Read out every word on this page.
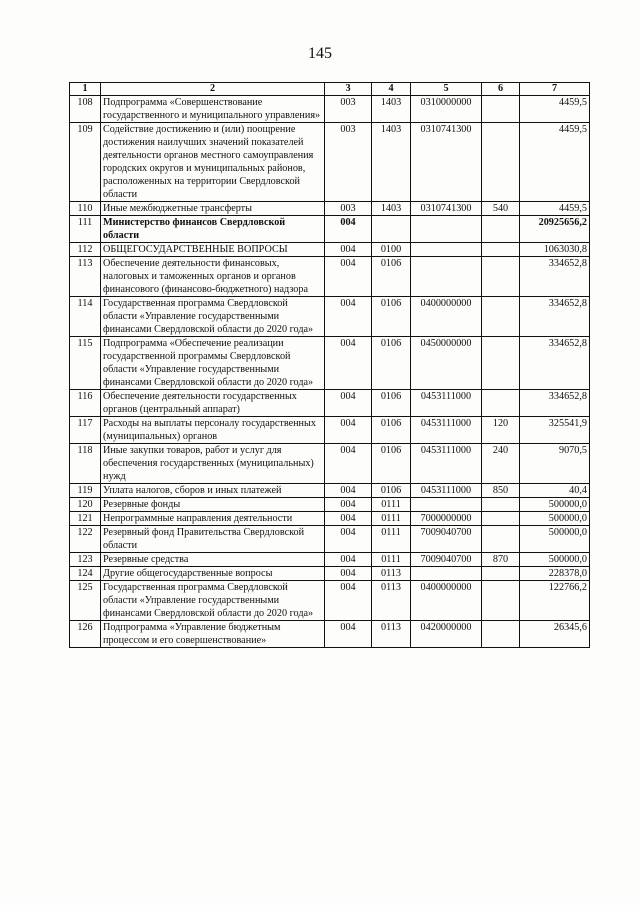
145
1	2	3	4	5	6	7
108	Подпрограмма «Совершенствование государственного и муниципального управления»	003	1403	0310000000		4459,5
109	Содействие достижению и (или) поощрение достижения наилучших значений показателей деятельности органов местного самоуправления городских округов и муниципальных районов, расположенных на территории Свердловской области	003	1403	0310741300		4459,5
110	Иные межбюджетные трансферты	003	1403	0310741300	540	4459,5
111	Министерство финансов Свердловской области	004				20925656,2
112	ОБЩЕГОСУДАРСТВЕННЫЕ ВОПРОСЫ	004	0100			1063030,8
113	Обеспечение деятельности финансовых, налоговых и таможенных органов и органов финансового (финансово-бюджетного) надзора	004	0106			334652,8
114	Государственная программа Свердловской области «Управление государственными финансами Свердловской области до 2020 года»	004	0106	0400000000		334652,8
115	Подпрограмма «Обеспечение реализации государственной программы Свердловской области «Управление государственными финансами Свердловской области до 2020 года»	004	0106	0450000000		334652,8
116	Обеспечение деятельности государственных органов (центральный аппарат)	004	0106	0453111000		334652,8
117	Расходы на выплаты персоналу государственных (муниципальных) органов	004	0106	0453111000	120	325541,9
118	Иные закупки товаров, работ и услуг для обеспечения государственных (муниципальных) нужд	004	0106	0453111000	240	9070,5
119	Уплата налогов, сборов и иных платежей	004	0106	0453111000	850	40,4
120	Резервные фонды	004	0111			500000,0
121	Непрограммные направления деятельности	004	0111	7000000000		500000,0
122	Резервный фонд Правительства Свердловской области	004	0111	7009040700		500000,0
123	Резервные средства	004	0111	7009040700	870	500000,0
124	Другие общегосударственные вопросы	004	0113			228378,0
125	Государственная программа Свердловской области «Управление государственными финансами Свердловской области до 2020 года»	004	0113	0400000000		122766,2
126	Подпрограмма «Управление бюджетным процессом и его совершенствование»	004	0113	0420000000		26345,6
